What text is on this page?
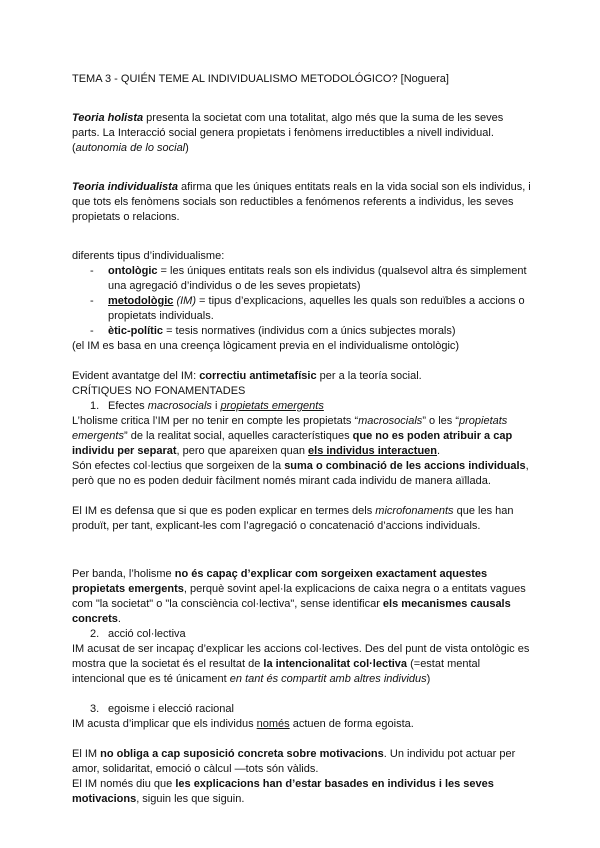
TEMA 3 - QUIÉN TEME AL INDIVIDUALISMO METODOLÓGICO? [Noguera]

Teoria holista presenta la societat com una totalitat, algo més que la suma de les seves parts. La Interacció social genera propietats i fenòmens irreductibles a nivell individual.
(autonomia de lo social)

Teoria individualista afirma que les úniques entitats reals en la vida social son els individus, i que tots els fenòmens socials son reductibles a fenómenos referents a individus, les seves propietats o relacions.

diferents tipus d’individualisme:

- ontològic = les úniques entitats reals son els individus (qualsevol altra és simplement una agregació d’individus o de les seves propietats)
- metodològic (IM) = tipus d’explicacions, aquelles les quals son reduïbles a accions o propietats individuals.
- ètic-polític = tesis normatives (individus com a únics subjectes morals)

(el IM es basa en una creença lògicament previa en el individualisme ontològic)

Evident avantatge del IM: correctiu antimetafísic per a la teoría social.

CRÍTIQUES NO FONAMENTADES

1. Efectes macrosocials i propietats emergents

L’holisme critica l’IM per no tenir en compte les propietats “macrosocials” o les “propietats emergents” de la realitat social, aquelles característiques que no es poden atribuir a cap individu per separat, pero que apareixen quan els individus interactuen.

Són efectes col·lectius que sorgeixen de la suma o combinació de les accions individuals, però que no es poden deduir fàcilment només mirant cada individu de manera aïllada.

El IM es defensa que si que es poden explicar en termes dels microfonaments que les han produït, per tant, explicant-les com l’agregació o concatenació d’accions individuals.

Per banda, l’holisme no és capaç d’explicar com sorgeixen exactament aquestes propietats emergents, perquè sovint apel·la explicacions de caixa negra o a entitats vagues com "la societat" o "la consciència col·lectiva", sense identificar els mecanismes causals concrets.

2. acció col·lectiva

IM acusat de ser incapaç d’explicar les accions col·lectives. Des del punt de vista ontològic es mostra que la societat és el resultat de la intencionalitat col·lectiva (=estat mental intencional que es té únicament en tant és compartit amb altres individus)

3. egoisme i elecció racional

IM acusta d’implicar que els individus només actuen de forma egoista.

El IM no obliga a cap suposició concreta sobre motivacions. Un individu pot actuar per amor, solidaritat, emoció o càlcul —tots són vàlids.

El IM només diu que les explicacions han d’estar basades en individus i les seves motivacions, siguin les que siguin.
